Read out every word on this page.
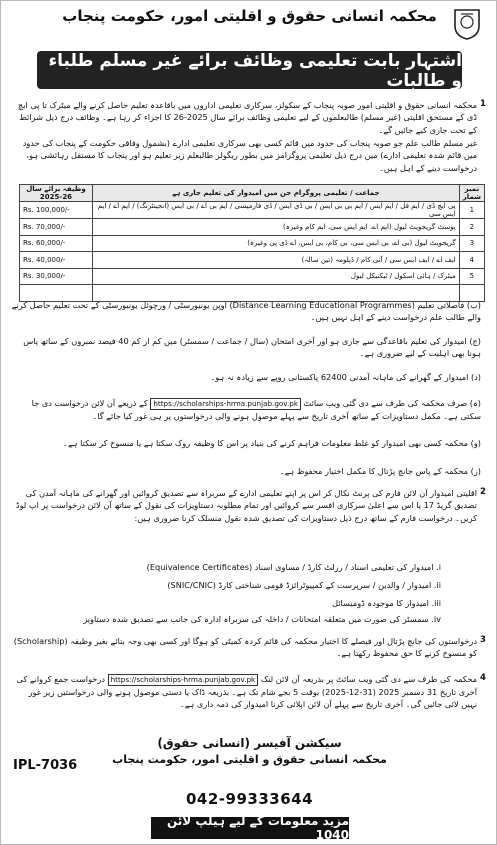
محکمہ انسانی حقوق و اقلیتی امور، حکومت پنجاب
اشتہار بابت تعلیمی وظائف برائے غیر مسلم طلباء و طالبات
1
محکمہ انسانی حقوق و اقلیتی امور صوبہ پنجاب کے سکولز، سرکاری تعلیمی اداروں میں باقاعدہ تعلیم حاصل کرنے والے میٹرک تا پی ایچ ڈی کے مستحق اقلیتی (غیر مسلم) طالبعلموں کے لیے تعلیمی وظائف برائے سال 2025-26 کا اجراء کر رہا ہے۔ وظائف درج ذیل شرائط کے تحت جاری کیے جائیں گے۔
غیر مسلم طالب علم جو صوبہ پنجاب کی حدود میں قائم کسی بھی سرکاری تعلیمی ادارے (بشمول وفاقی حکومت کے پنجاب کی حدود میں قائم شدہ تعلیمی ادارے) میں درج ذیل تعلیمی پروگرامز میں بطور ریگولر طالبعلم زیر تعلیم ہو اور پنجاب کا مستقل رہائشی ہو، درخواست دینے کے اہل ہیں۔
نمبر شمار	جماعت / تعلیمی پروگرام جن میں امیدوار کی تعلیم جاری ہے	وظیفہ برائے سال 26-2025
1	پی ایچ ڈی / ایم فل / ایم ایس / ایم بی بی ایس / بی ڈی ایس / ڈی فارمیسی / ایم بی اے / بی ایس (انجینئرنگ) / ایم اے / ایم ایس سی	Rs. 100,000/-
2	پوسٹ گریجویٹ لیول (ایم اے، ایم ایس سی، ایم کام وغیرہ)	Rs. 70,000/-
3	گریجویٹ لیول (بی اے، بی ایس سی، بی کام، بی ایس، اے ڈی پی وغیرہ)	Rs. 60,000/-
4	ایف اے / ایف ایس سی / آئی کام / ڈپلومہ (تین سالہ)	Rs. 40,000/-
5	میٹرک / ہائی اسکول / ٹیکنیکل لیول	Rs. 30,000/-

(ب) فاصلاتی تعلیم (Distance Learning Educational Programmes) اوپن یونیورسٹی / ورچوئل یونیورسٹی کے تحت تعلیم حاصل کرنے والے طالب علم درخواست دینے کے اہل نہیں ہیں۔
(ج) امیدوار کی تعلیم باقاعدگی سے جاری ہو اور آخری امتحان (سال / جماعت / سمسٹر) میں کم از کم 40 فیصد نمبروں کے ساتھ پاس ہونا بھی اہلیت کے لیے ضروری ہے۔
(د) امیدوار کے گھرانے کی ماہانہ آمدنی 62400 پاکستانی روپے سے زیادہ نہ ہو۔
(ہ) صرف محکمہ کی طرف سے دی گئی ویب سائٹ https://scholarships-hrma.punjab.gov.pk کے ذریعے آن لائن درخواست دی جا سکتی ہے۔ مکمل دستاویزات کے ساتھ آخری تاریخ سے پہلے موصول ہونے والی درخواستوں پر ہی غور کیا جائے گا۔
(و) محکمہ کسی بھی امیدوار کو غلط معلومات فراہم کرنے کی بنیاد پر اس کا وظیفہ روک سکتا ہے یا منسوخ کر سکتا ہے۔
(ز) محکمہ کے پاس جانچ پڑتال کا مکمل اختیار محفوظ ہے۔
2
اقلیتی امیدوار آن لائن فارم کی پرنٹ نکال کر اس پر اپنے تعلیمی ادارے کے سربراہ سے تصدیق کروائیں اور گھرانے کی ماہانہ آمدن کی تصدیق گریڈ 17 یا اس سے اعلیٰ سرکاری افسر سے کروائیں اور تمام مطلوبہ دستاویزات کی نقول کے ساتھ آن لائن درخواست پر اپ لوڈ کریں۔ درخواست فارم کے ساتھ درج ذیل دستاویزات کی تصدیق شدہ نقول منسلک کرنا ضروری ہیں:
i. امیدوار کی تعلیمی اسناد / رزلٹ کارڈ / مساوی اسناد (Equivalence Certificates)
ii. امیدوار / والدین / سرپرست کے کمپیوٹرائزڈ قومی شناختی کارڈ (SNIC/CNIC)
iii. امیدوار کا موجودہ ڈومیسائل
iv. سمسٹر کی صورت میں متعلقہ امتحانات / داخلہ کی سربراہ ادارہ کی جانب سے تصدیق شدہ دستاویز
3
درخواستوں کی جانچ پڑتال اور فیصلے کا اختیار محکمہ کی قائم کردہ کمیٹی کو ہوگا اور کسی بھی وجہ بتائے بغیر وظیفہ (Scholarship) کو منسوخ کرنے کا حق محفوظ رکھتا ہے۔
4
محکمہ کی طرف سے دی گئی ویب سائٹ پر بذریعہ آن لائن لنک https://scholarships-hrma.punjab.gov.pk درخواست جمع کروانے کی آخری تاریخ 31 دسمبر 2025 (31-12-2025) بوقت 5 بجے شام تک ہے۔ بذریعہ ڈاک یا دستی موصول ہونے والی درخواستیں زیر غور نہیں لائی جائیں گی۔ آخری تاریخ سے پہلے آن لائن اپلائی کرنا امیدوار کی ذمہ داری ہے۔
سیکشن آفیسر (انسانی حقوق)
محکمہ انسانی حقوق و اقلیتی امور، حکومت پنجاب
IPL-7036
042-99333644
مزید معلومات کے لیے ہیلپ لائن 1040
